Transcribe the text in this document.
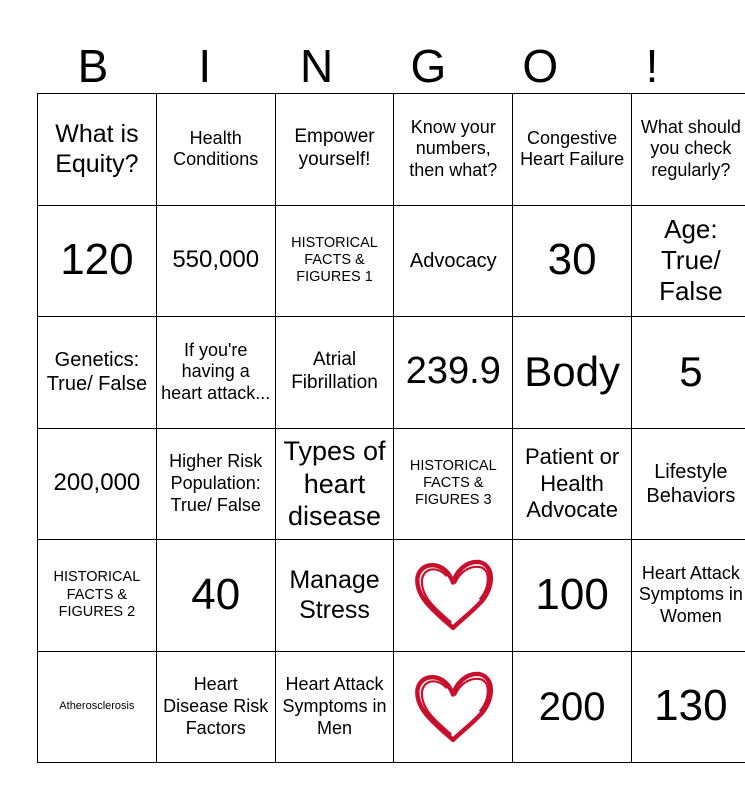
B	I	N	G	O	!
What is Equity?	Health Conditions	Empower yourself!	Know your numbers, then what?	Congestive Heart Failure	What should you check regularly?
120	550,000	HISTORICAL FACTS & FIGURES 1	Advocacy	30	Age: True/ False
Genetics: True/ False	If you're having a heart attack...	Atrial Fibrillation	239.9	Body	5
200,000	Higher Risk Population: True/ False	Types of heart disease	HISTORICAL FACTS & FIGURES 3	Patient or Health Advocate	Lifestyle Behaviors
HISTORICAL FACTS & FIGURES 2	40	Manage Stress		100	Heart Attack Symptoms in Women
Atherosclerosis	Heart Disease Risk Factors	Heart Attack Symptoms in Men		200	130
